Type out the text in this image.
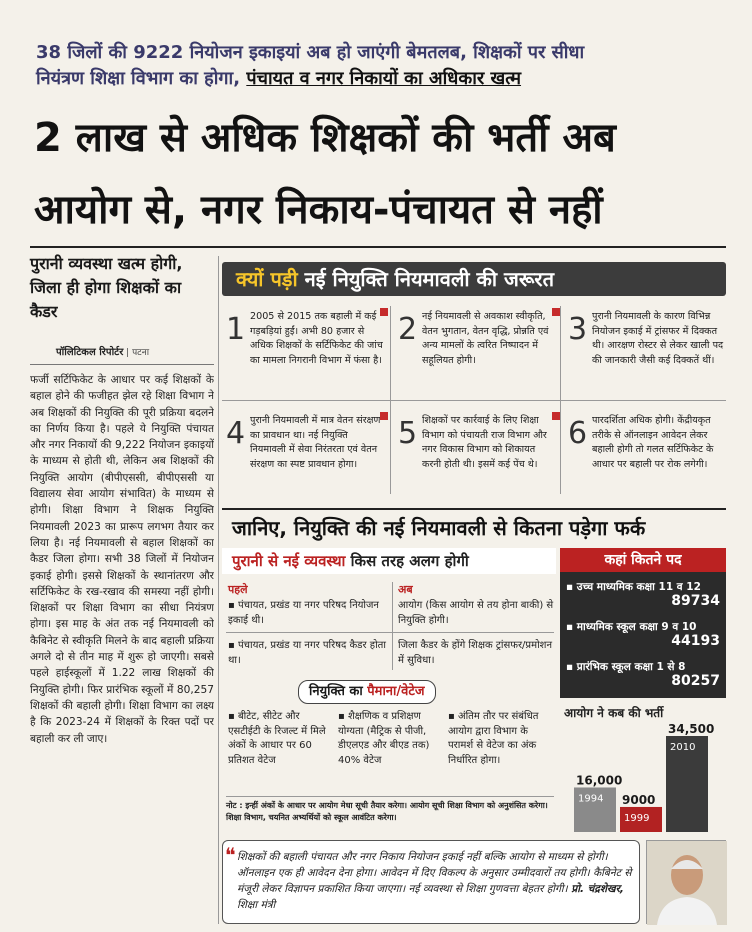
38 जिलों की 9222 नियोजन इकाइयां अब हो जाएंगी बेमतलब, शिक्षकों पर सीधा
नियंत्रण शिक्षा विभाग का होगा, पंचायत व नगर निकायों का अधिकार खत्म
2 लाख से अधिक शिक्षकों की भर्ती अब
आयोग से, नगर निकाय-पंचायत से नहीं
पुरानी व्यवस्था खत्म होगी, जिला ही होगा शिक्षकों का कैडर
पॉलिटिकल रिपोर्टर | पटना
फर्जी सर्टिफिकेट के आधार पर कई शिक्षकों के बहाल होने की फजीहत झेल रहे शिक्षा विभाग ने अब शिक्षकों की नियुक्ति की पूरी प्रक्रिया बदलने का निर्णय किया है। पहले ये नियुक्ति पंचायत और नगर निकायों की 9,222 नियोजन इकाइयों के माध्यम से होती थी, लेकिन अब शिक्षकों की नियुक्ति आयोग (बीपीएससी, बीपीएससी या विद्यालय सेवा आयोग संभावित) के माध्यम से होगी। शिक्षा विभाग ने शिक्षक नियुक्ति नियमावली 2023 का प्रारूप लगभग तैयार कर लिया है। नई नियमावली से बहाल शिक्षकों का कैडर जिला होगा। सभी 38 जिलों में नियोजन इकाई होगी। इससे शिक्षकों के स्थानांतरण और सर्टिफिकेट के रख-रखाव की समस्या नहीं होगी। शिक्षकों पर शिक्षा विभाग का सीधा नियंत्रण होगा। इस माह के अंत तक नई नियमावली को कैबिनेट से स्वीकृति मिलने के बाद बहाली प्रक्रिया अगले दो से तीन माह में शुरू हो जाएगी। सबसे पहले हाईस्कूलों में 1.22 लाख शिक्षकों की नियुक्ति होगी। फिर प्रारंभिक स्कूलों में 80,257 शिक्षकों की बहाली होगी। शिक्षा विभाग का लक्ष्य है कि 2023-24 में शिक्षकों के रिक्त पदों पर बहाली कर ली जाए।
क्यों पड़ी नई नियुक्ति नियमावली की जरूरत
1 2005 से 2015 तक बहाली में कई गड़बड़ियां हुईं। अभी 80 हजार से अधिक शिक्षकों के सर्टिफिकेट की जांच का मामला निगरानी विभाग में फंसा है।
2 नई नियमावली से अवकाश स्वीकृति, वेतन भुगतान, वेतन वृद्धि, प्रोन्नति एवं अन्य मामलों के त्वरित निष्पादन में सहूलियत होगी।
3 पुरानी नियमावली के कारण विभिन्न नियोजन इकाई में ट्रांसफर में दिक्कत थी। आरक्षण रोस्टर से लेकर खाली पद की जानकारी जैसी कई दिक्कतें थीं।
4 पुरानी नियमावली में मात्र वेतन संरक्षण का प्रावधान था। नई नियुक्ति नियमावली में सेवा निरंतरता एवं वेतन संरक्षण का स्पष्ट प्रावधान होगा।
5 शिक्षकों पर कार्रवाई के लिए शिक्षा विभाग को पंचायती राज विभाग और नगर विकास विभाग को शिकायत करनी होती थी। इसमें कई पेंच थे।
6 पारदर्शिता अधिक होगी। केंद्रीयकृत तरीके से ऑनलाइन आवेदन लेकर बहाली होगी तो गलत सर्टिफिकेट के आधार पर बहाली पर रोक लगेगी।
जानिए, नियुक्ति की नई नियमावली से कितना पड़ेगा फर्क
पुरानी से नई व्यवस्था किस तरह अलग होगी
पहले	अब
▪ पंचायत, प्रखंड या नगर परिषद नियोजन इकाई थी।
आयोग (किस आयोग से तय होना बाकी) से नियुक्ति होगी।
▪ पंचायत, प्रखंड या नगर परिषद कैडर होता था।
जिला कैडर के होंगे शिक्षक ट्रांसफर/प्रमोशन में सुविधा।
नियुक्ति का पैमाना/वेटेज
▪ बीटेट, सीटेट और एसटीईटी के रिजल्ट में मिले अंकों के आधार पर 60 प्रतिशत वेटेज
▪ शैक्षणिक व प्रशिक्षण योग्यता (मैट्रिक से पीजी, डीएलएड और बीएड तक) 40% वेटेज
▪ अंतिम तौर पर संबंधित आयोग द्वारा विभाग के परामर्श से वेटेज का अंक निर्धारित होगा।
नोट : इन्हीं अंकों के आधार पर आयोग मेधा सूची तैयार करेगा। आयोग सूची शिक्षा विभाग को अनुशंसित करेगा। शिक्षा विभाग, चयनित अभ्यर्थियों को स्कूल आवंटित करेगा।
कहां कितने पद
▪ उच्च माध्यमिक कक्षा 11 व 12
89734
▪ माध्यमिक स्कूल कक्षा 9 व 10
44193
▪ प्रारंभिक स्कूल कक्षा 1 से 8
80257
आयोग ने कब की भर्ती
1994
16,000
1999
9000
2010
34,500
❝ शिक्षकों की बहाली पंचायत और नगर निकाय नियोजन इकाई नहीं बल्कि आयोग से माध्यम से होगी। ऑनलाइन एक ही आवेदन देना होगा। आवेदन में दिए विकल्प के अनुसार उम्मीदवारों तय होगी। कैबिनेट से मंजूरी लेकर विज्ञापन प्रकाशित किया जाएगा। नई व्यवस्था से शिक्षा गुणवत्ता बेहतर होगी। प्रो. चंद्रशेखर, शिक्षा मंत्री
